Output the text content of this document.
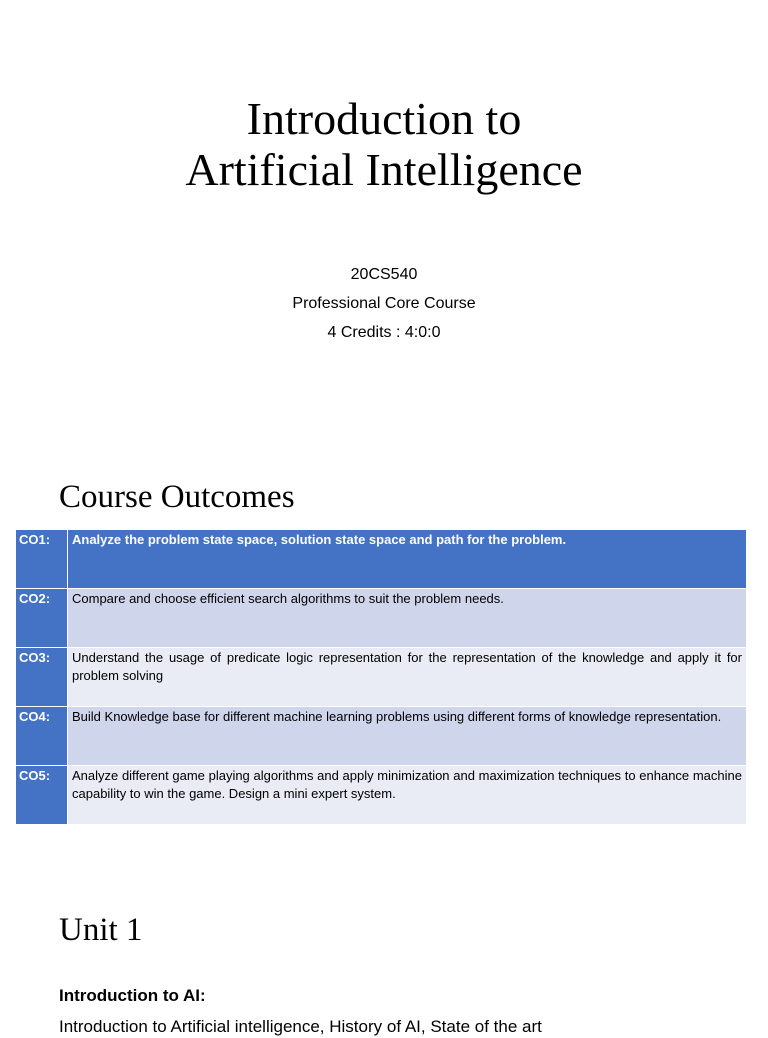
Introduction to
Artificial Intelligence
20CS540
Professional Core Course
4 Credits : 4:0:0
Course Outcomes
CO1:	Analyze the problem state space, solution state space and path for the problem.
CO2:	Compare and choose efficient search algorithms to suit the problem needs.
CO3:	Understand the usage of predicate logic representation for the representation of the knowledge and apply it for problem solving
CO4:	Build Knowledge base for different machine learning problems using different forms of knowledge representation.
CO5:	Analyze different game playing algorithms and apply minimization and maximization techniques to enhance machine capability to win the game. Design a mini expert system.
Unit 1
Introduction to AI:
Introduction to Artificial intelligence, History of AI, State of the art
